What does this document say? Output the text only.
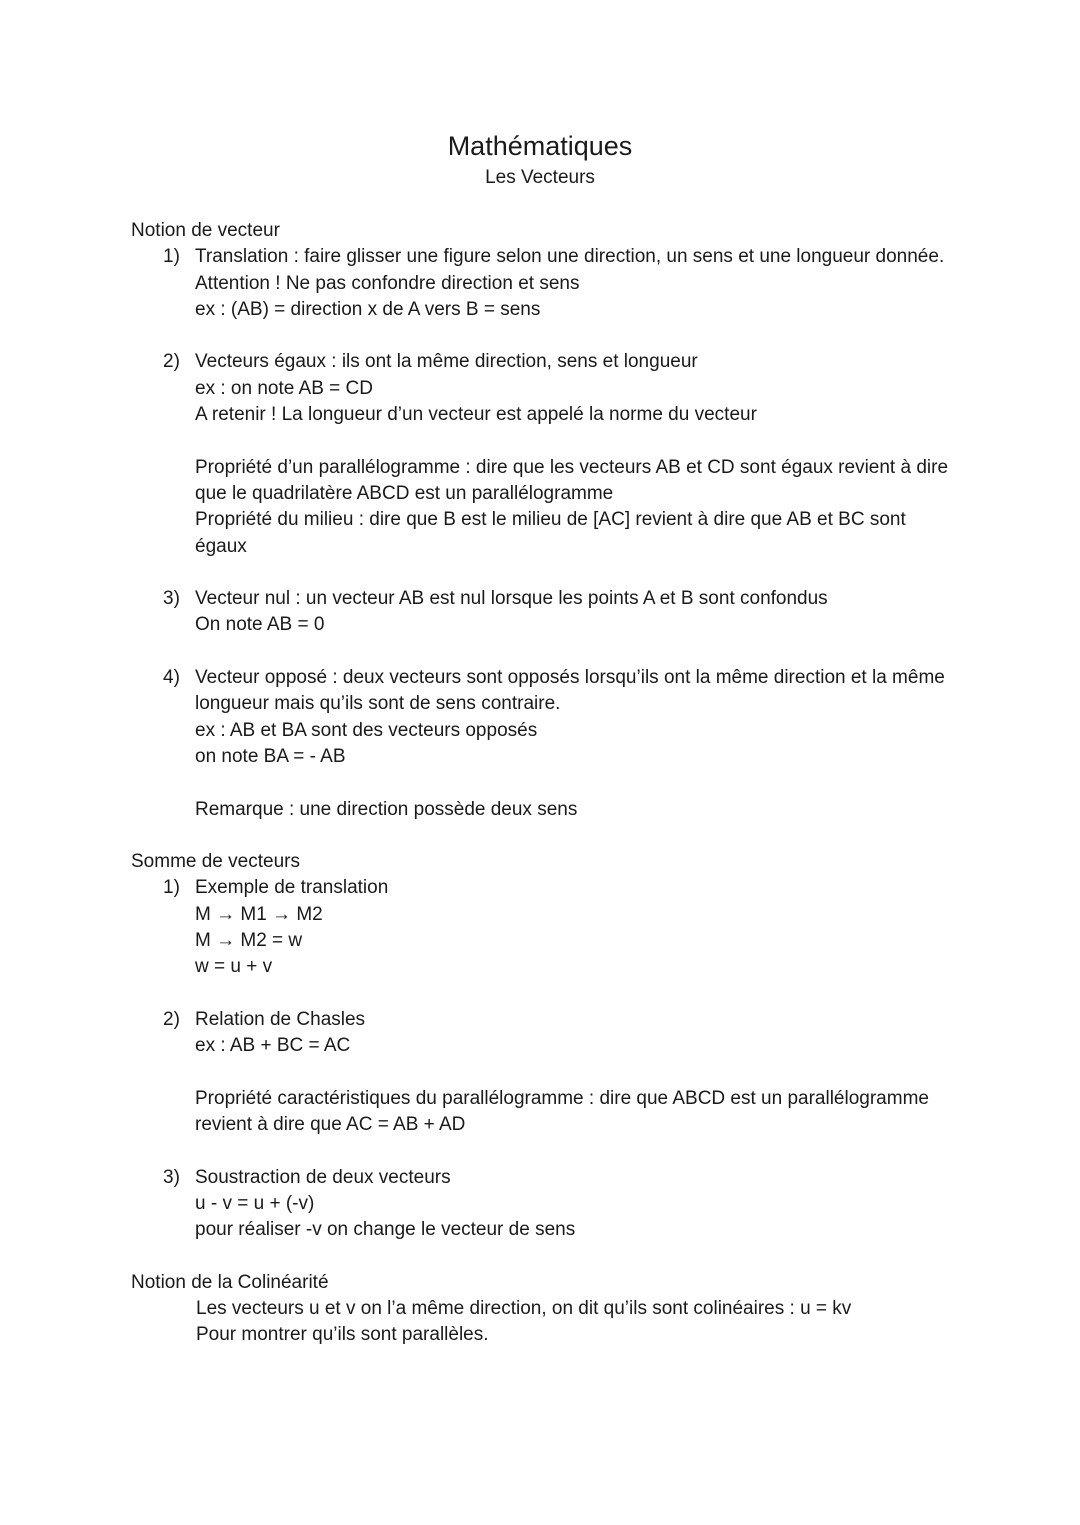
Mathématiques
Les Vecteurs
Notion de vecteur
1) Translation : faire glisser une figure selon une direction, un sens et une longueur donnée.
Attention ! Ne pas confondre direction et sens
ex : (AB) = direction x de A vers B = sens
2) Vecteurs égaux : ils ont la même direction, sens et longueur
ex : on note AB = CD
A retenir ! La longueur d’un vecteur est appelé la norme du vecteur
Propriété d’un parallélogramme : dire que les vecteurs AB et CD sont égaux revient à dire que le quadrilatère ABCD est un parallélogramme
Propriété du milieu : dire que B est le milieu de [AC] revient à dire que AB et BC sont égaux
3) Vecteur nul : un vecteur AB est nul lorsque les points A et B sont confondus
On note AB = 0
4) Vecteur opposé : deux vecteurs sont opposés lorsqu’ils ont la même direction et la même longueur mais qu’ils sont de sens contraire.
ex : AB et BA sont des vecteurs opposés
on note BA = - AB
Remarque : une direction possède deux sens
Somme de vecteurs
1) Exemple de translation
M → M1 → M2
M → M2 = w
w = u + v
2) Relation de Chasles
ex : AB + BC = AC
Propriété caractéristiques du parallélogramme : dire que ABCD est un parallélogramme revient à dire que AC = AB + AD
3) Soustraction de deux vecteurs
u - v = u + (-v)
pour réaliser -v on change le vecteur de sens
Notion de la Colinéarité
Les vecteurs u et v on l’a même direction, on dit qu’ils sont colinéaires : u = kv
Pour montrer qu’ils sont parallèles.
